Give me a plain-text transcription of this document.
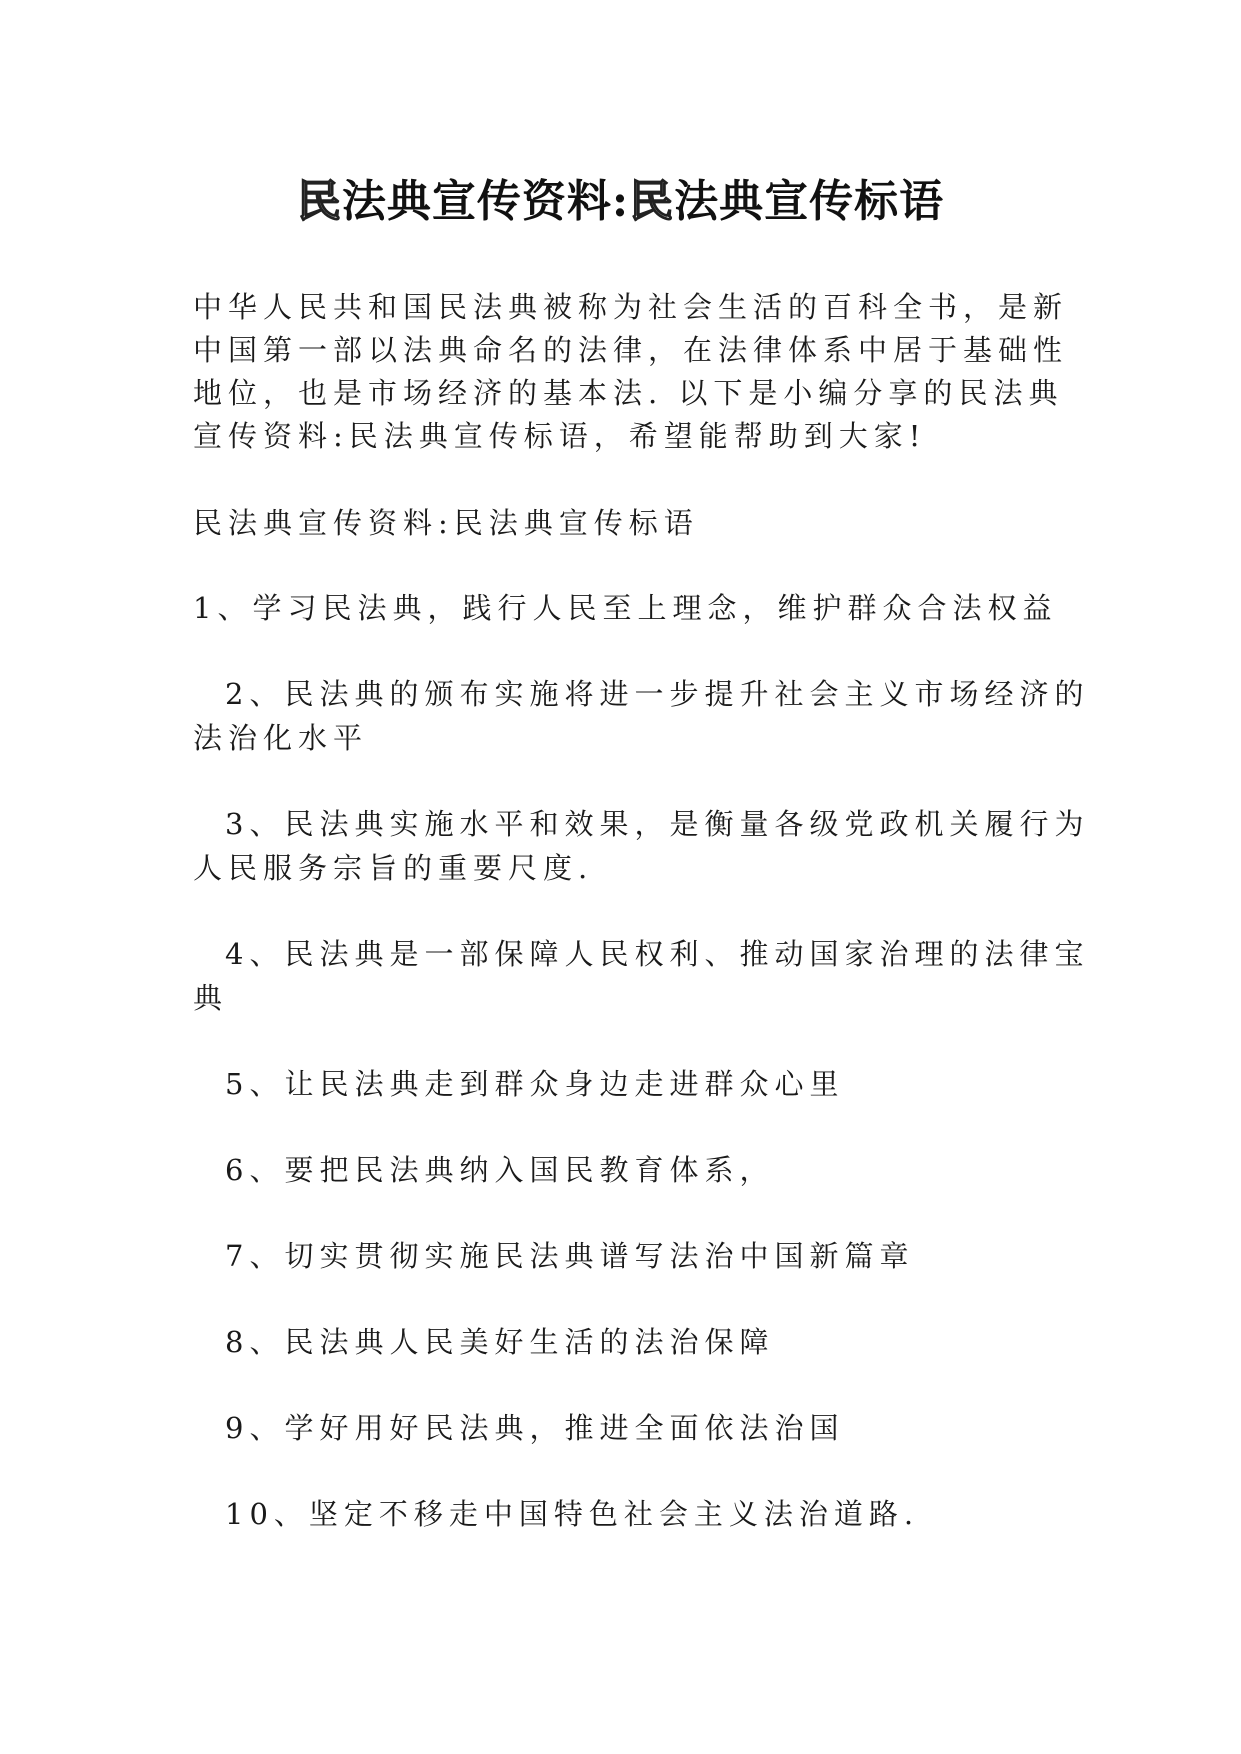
民法典宣传资料:民法典宣传标语
中华人民共和国民法典被称为社会生活的百科全书，是新
中国第一部以法典命名的法律，在法律体系中居于基础性
地位，也是市场经济的基本法. 以下是小编分享的民法典
宣传资料:民法典宣传标语，希望能帮助到大家!
民法典宣传资料:民法典宣传标语
1、学习民法典，践行人民至上理念，维护群众合法权益
2、民法典的颁布实施将进一步提升社会主义市场经济的
法治化水平
3、民法典实施水平和效果，是衡量各级党政机关履行为
人民服务宗旨的重要尺度.
4、民法典是一部保障人民权利、推动国家治理的法律宝
典
5、让民法典走到群众身边走进群众心里
6、要把民法典纳入国民教育体系，
7、切实贯彻实施民法典谱写法治中国新篇章
8、民法典人民美好生活的法治保障
9、学好用好民法典，推进全面依法治国
10、坚定不移走中国特色社会主义法治道路.
